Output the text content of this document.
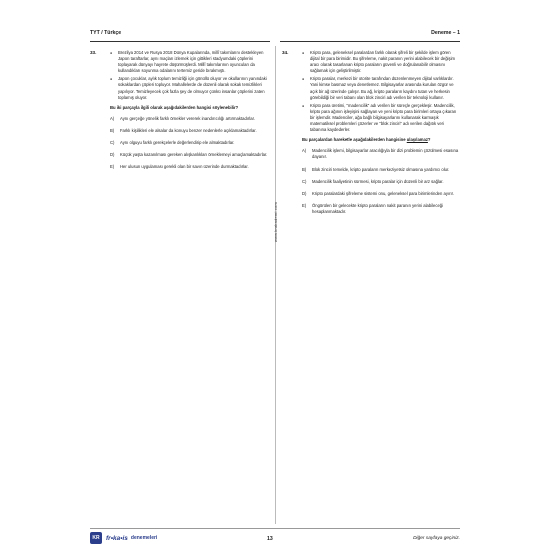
TYT / Türkçe	Deneme – 1
www.krakademi.com
33.	● Brezilya 2014 ve Rusya 2018 Dünya Kupalarında, millî takımlarını destekleyen Japon taraftarlar, aynı maçları izlemek için gittikleri stadyumdaki çöplerini toplayarak dünyayı hayrete düşürmüşlerdi. Millî takımlarının oyuncuları da kullandıkları soyunma odalarını tertemiz geride bırakmıştı.
● Japon çocuklar, aylık toplum temizliği için gönüllü oluyor ve okullarının yanındaki sokaklardan çöpleri topluyor. Mahallelerde de düzenli olarak sokak temizlikleri yapılıyor. Temizleyecek çok fazla şey de olmuyor çünkü insanlar çöplerini zaten toplamış oluyor.
Bu iki parçayla ilgili olarak aşağıdakilerden hangisi söylenebilir?
A)	Aynı gerçeğe yönelik farklı örnekler vererek inandırıcılığı artırmaktadırlar.
B)	Farklı kişilikleri ele alsalar da konuyu benzer nedenlerle açıklamaktadırlar.
C)	Aynı olguyu farklı gerekçelerle değerlendirip ele almaktadırlar.
D)	Küçük yaşta kazanılması gereken alışkanlıkları örneklemeyi amaçlamaktadırlar.
E)	Her ulusun uygulaması gerekli olan bir savın üzerinde durmaktadırlar.
34.	● Kripto para, geleneksel paralardan farklı olarak şifreli bir şekilde işlem gören dijital bir para birimidir. Bu şifreleme, nakit paranın yerini alabilecek bir değişim aracı olarak tasarlanan kripto paraların güvenli ve doğrulanabilir olmasını sağlamak için geliştirilmiştir.
● Kripto paralar, merkezi bir otorite tarafından düzenlenmeyen dijital varlıklardır. Yani kimse basmaz veya denetlemez. Bilgisayarlar arasında kurulan özgür ve açık bir ağ üzerinde çalışır. Bu ağ, kripto paraların kaydını tutan ve herkesin görebildiği bir veri tabanı olan blok zinciri adı verilen bir teknoloji kullanır.
● Kripto para üretimi, "madencilik" adı verilen bir süreçle gerçekleşir. Madencilik, kripto para ağının işleyişini sağlayan ve yeni kripto para birimleri ortaya çıkaran bir işlemdir. Madenciler, ağa bağlı bilgisayarlarını kullanarak karmaşık matematiksel problemleri çözerler ve "blok zinciri" adı verilen dağıtık veri tabanına kaydederler.
Bu parçalardan hareketle aşağıdakilerden hangisine ulaşılamaz?
A)	Madencilik işlemi, bilgisayarlar aracılığıyla bir dizi problemin çözülmesi esasına dayanır.
B)	Blok zinciri temelde, kripto paraların merkeziyetsiz olmasına yardımcı olur.
C)	Madencilik faaliyetinin sürmesi, kripto paralar için düzenli bir arz sağlar.
D)	Kripto paralardaki şifreleme sistemi onu, geleneksel para birimlerinden ayırır.
E)	Öngörülen bir gelecekte kripto paraların nakit paranın yerini alabileceği hesaplanmaktadır.
KR fr•ka•is denemeleri	13	Diğer sayfaya geçiniz.
